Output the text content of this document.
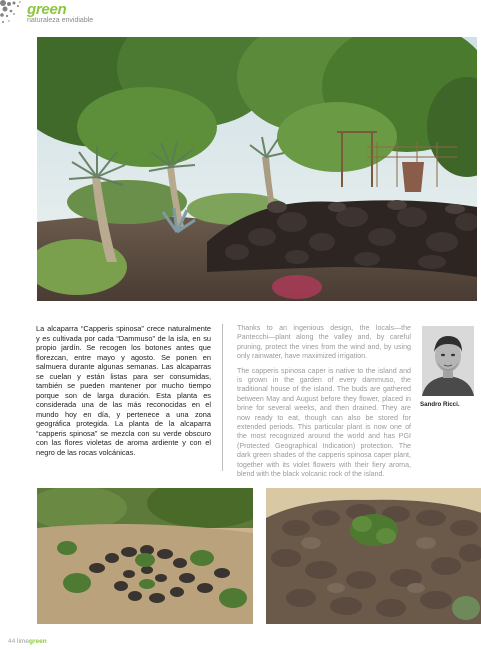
green
naturaleza envidiable

La alcaparra “Capperis spinosa” crece naturalmente y es cultivada por cada “Dammuso” de la isla, en su propio jardín. Se recogen los botones antes que florezcan, entre mayo y agosto. Se ponen en salmuera durante algunas semanas. Las alcaparras se cuelan y están listas para ser consumidas, también se pueden mantener por mucho tiempo porque son de larga duración. Esta planta es considerada una de las más reconocidas en el mundo hoy en día, y pertenece a una zona geográfica protegida. La planta de la alcaparra “capperis spinosa” se mezcla con su verde obscuro con las flores violetas de aroma ardiente y con el negro de las rocas volcánicas.

Thanks to an ingenious design, the locals—the Pantecchi—plant along the valley and, by careful pruning, protect the vines from the wind and, by using only rainwater, have maximized irrigation.

The capperis spinosa caper is native to the island and is grown in the garden of every dammuso, the traditional house of the island. The buds are gathered between May and August before they flower, placed in brine for several weeks, and then drained. They are now ready to eat, though can also be stored for extended periods. This particular plant is now one of the most recognized around the world and has PGI (Protected Geographical Indication) protection. The dark green shades of the capperis spinosa caper plant, together with its violet flowers with their fiery aroma, blend with the black volcanic rock of the island.

Sandro Ricci.
44 limegreen
